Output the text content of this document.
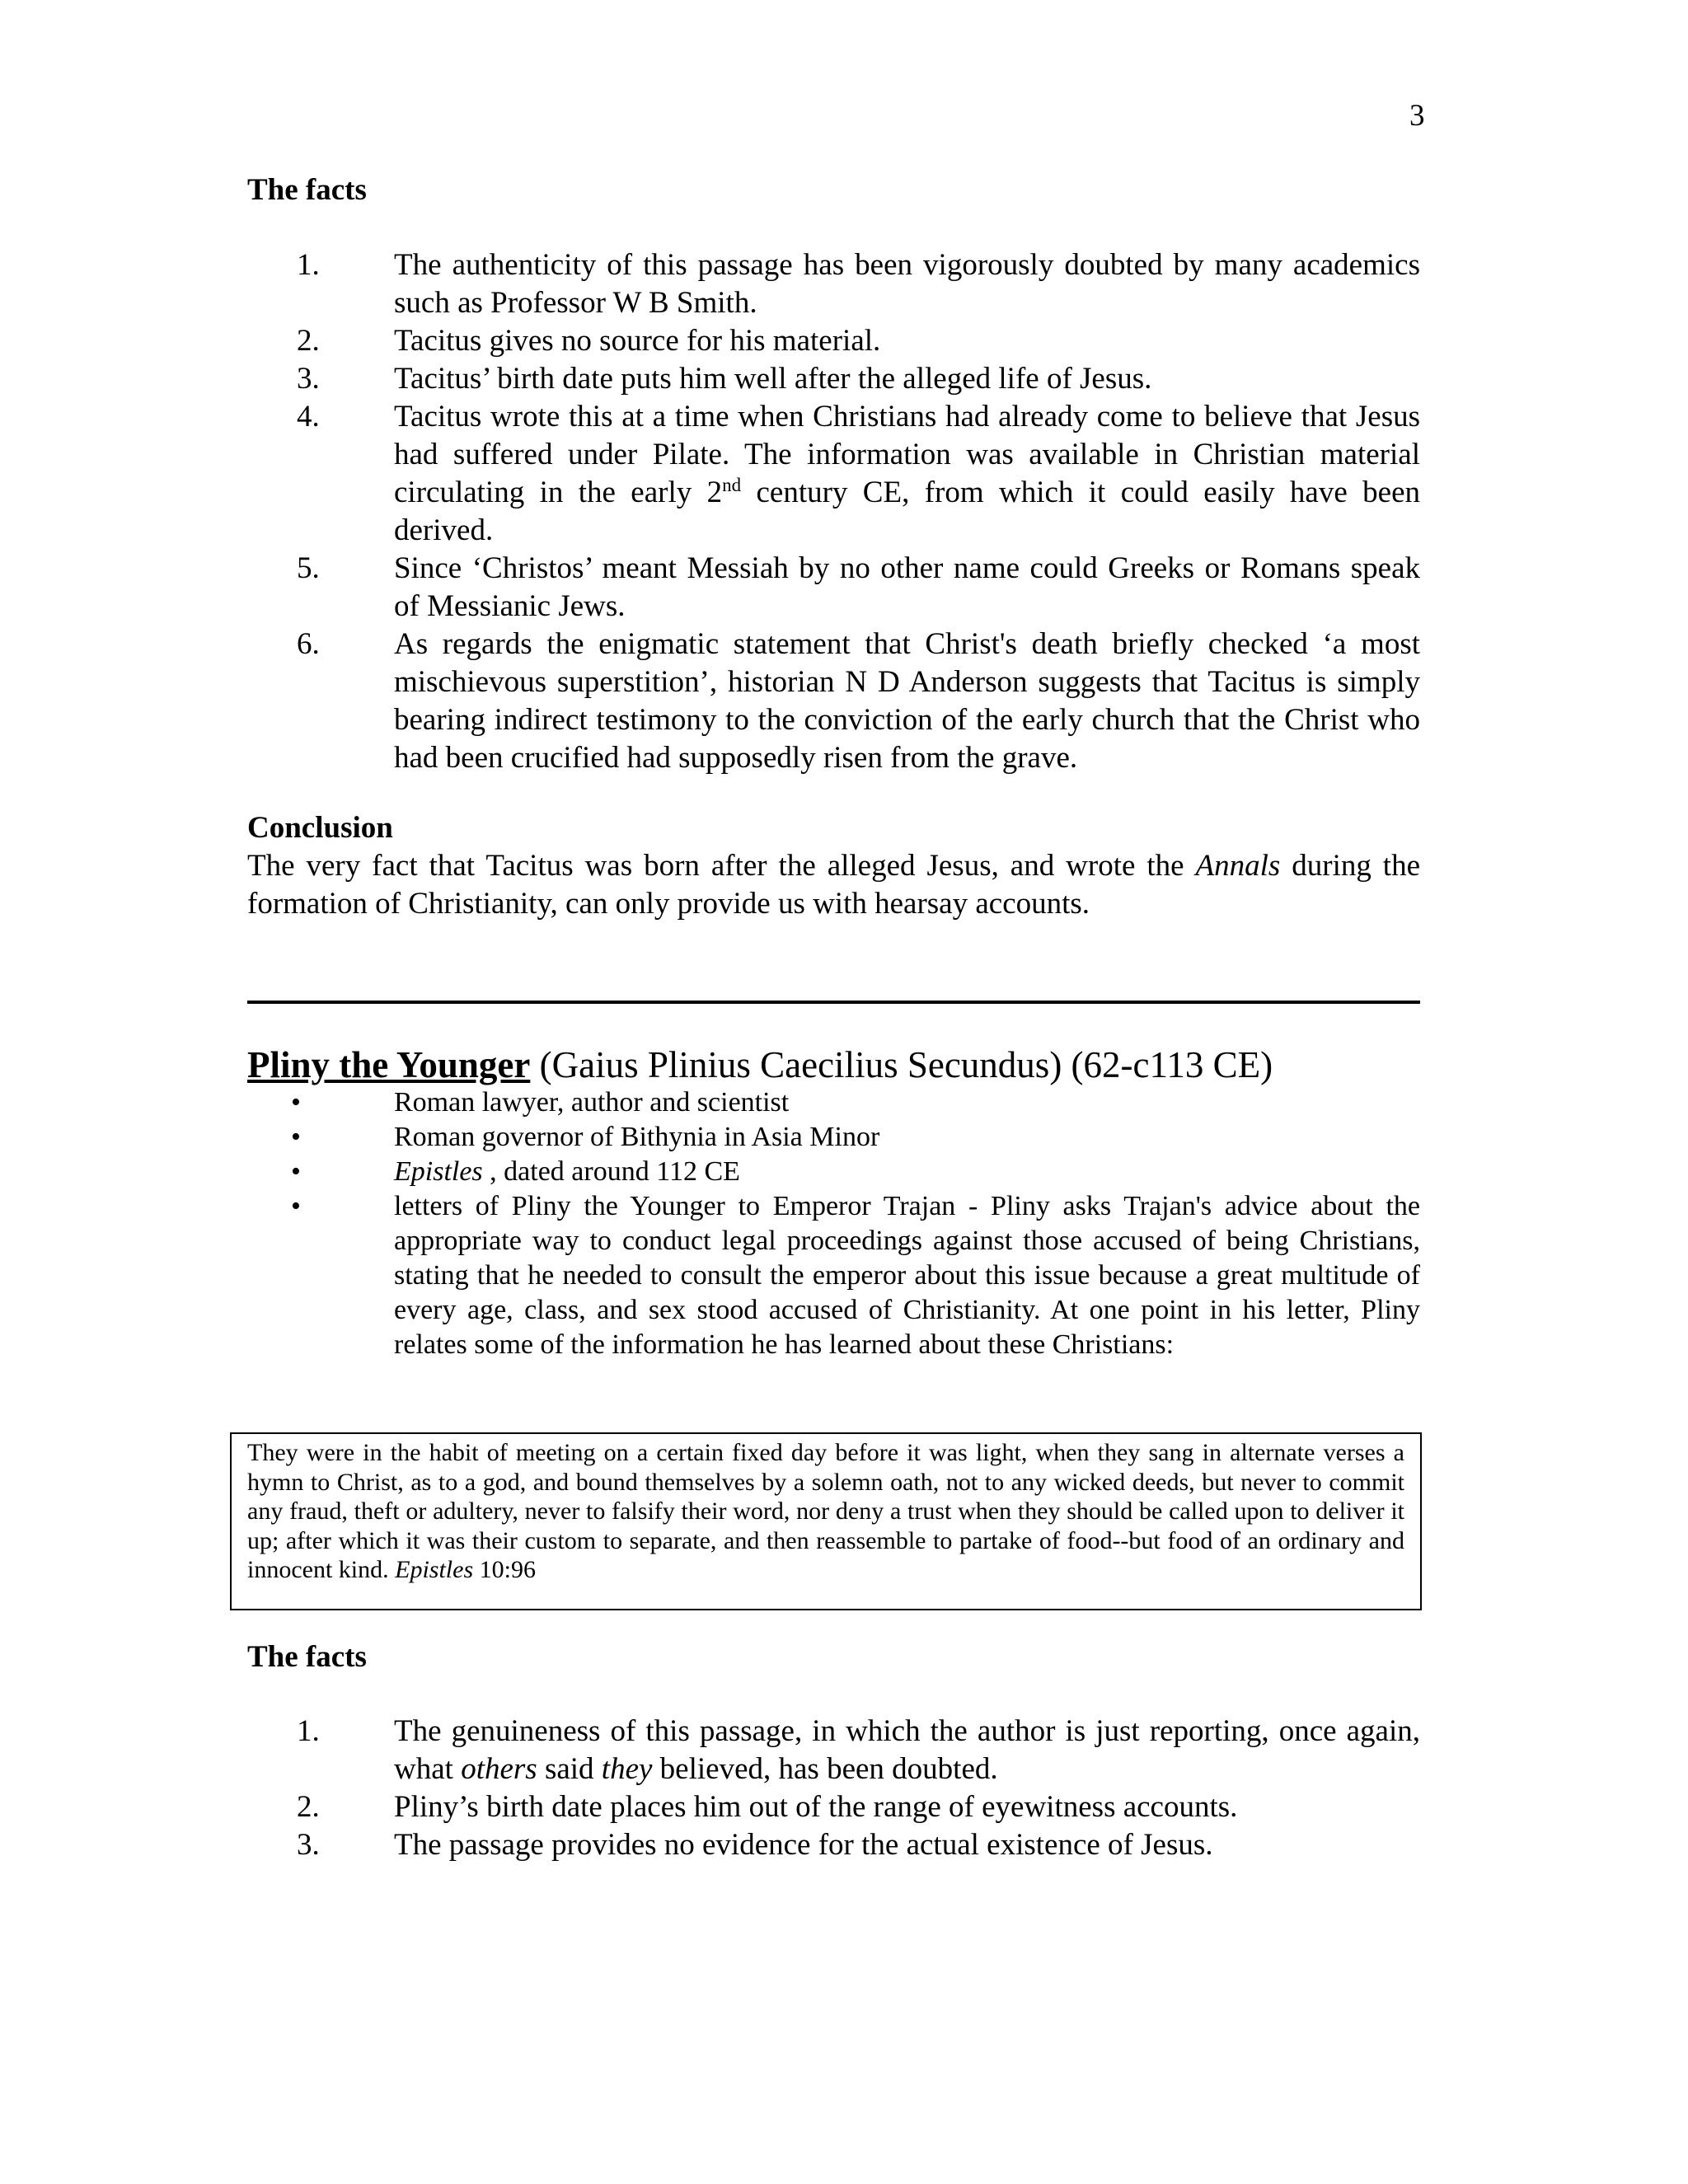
3
The facts
1. The authenticity of this passage has been vigorously doubted by many academics such as Professor W B Smith.
2. Tacitus gives no source for his material.
3. Tacitus’ birth date puts him well after the alleged life of Jesus.
4. Tacitus wrote this at a time when Christians had already come to believe that Jesus had suffered under Pilate. The information was available in Christian material circulating in the early 2nd century CE, from which it could easily have been derived.
5. Since ‘Christos’ meant Messiah by no other name could Greeks or Romans speak of Messianic Jews.
6. As regards the enigmatic statement that Christ's death briefly checked ‘a most mischievous superstition’, historian N D Anderson suggests that Tacitus is simply bearing indirect testimony to the conviction of the early church that the Christ who had been crucified had supposedly risen from the grave.
Conclusion
The very fact that Tacitus was born after the alleged Jesus, and wrote the Annals during the formation of Christianity, can only provide us with hearsay accounts.
Pliny the Younger (Gaius Plinius Caecilius Secundus) (62-c113 CE)
•	Roman lawyer, author and scientist
•	Roman governor of Bithynia in Asia Minor
•	Epistles , dated around 112 CE
•	letters of Pliny the Younger to Emperor Trajan - Pliny asks Trajan's advice about the appropriate way to conduct legal proceedings against those accused of being Christians, stating that he needed to consult the emperor about this issue because a great multitude of every age, class, and sex stood accused of Christianity. At one point in his letter, Pliny relates some of the information he has learned about these Christians:
They were in the habit of meeting on a certain fixed day before it was light, when they sang in alternate verses a hymn to Christ, as to a god, and bound themselves by a solemn oath, not to any wicked deeds, but never to commit any fraud, theft or adultery, never to falsify their word, nor deny a trust when they should be called upon to deliver it up; after which it was their custom to separate, and then reassemble to partake of food--but food of an ordinary and innocent kind. Epistles 10:96
The facts
1. The genuineness of this passage, in which the author is just reporting, once again, what others said they believed, has been doubted.
2. Pliny’s birth date places him out of the range of eyewitness accounts.
3. The passage provides no evidence for the actual existence of Jesus.
